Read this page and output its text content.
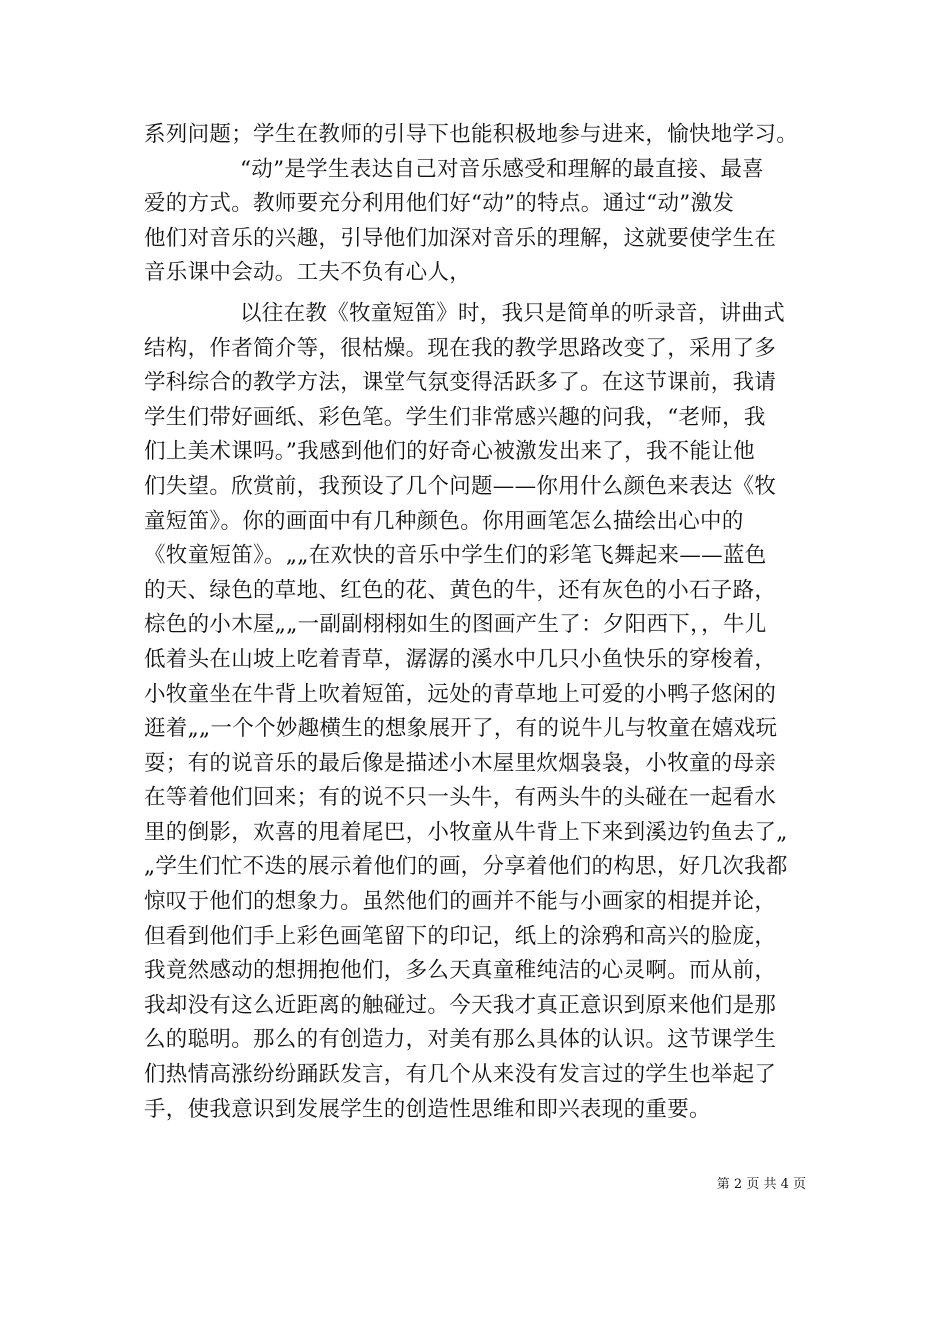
系列问题；学生在教师的引导下也能积极地参与进来，愉快地学习。
“动”是学生表达自己对音乐感受和理解的最直接、最喜
爱的方式。教师要充分利用他们好“动”的特点。通过“动”激发
他们对音乐的兴趣，引导他们加深对音乐的理解，这就要使学生在
音乐课中会动。工夫不负有心人，
以往在教《牧童短笛》时，我只是简单的听录音，讲曲式
结构，作者简介等，很枯燥。现在我的教学思路改变了，采用了多
学科综合的教学方法，课堂气氛变得活跃多了。在这节课前，我请
学生们带好画纸、彩色笔。学生们非常感兴趣的问我，“老师，我
们上美术课吗。”我感到他们的好奇心被激发出来了，我不能让他
们失望。欣赏前，我预设了几个问题——你用什么颜色来表达《牧
童短笛》。你的画面中有几种颜色。你用画笔怎么描绘出心中的
《牧童短笛》。„„在欢快的音乐中学生们的彩笔飞舞起来——蓝色
的天、绿色的草地、红色的花、黄色的牛，还有灰色的小石子路，
棕色的小木屋„„一副副栩栩如生的图画产生了：夕阳西下，，牛儿
低着头在山坡上吃着青草，潺潺的溪水中几只小鱼快乐的穿梭着，
小牧童坐在牛背上吹着短笛，远处的青草地上可爱的小鸭子悠闲的
逛着„„一个个妙趣横生的想象展开了，有的说牛儿与牧童在嬉戏玩
耍；有的说音乐的最后像是描述小木屋里炊烟袅袅，小牧童的母亲
在等着他们回来；有的说不只一头牛，有两头牛的头碰在一起看水
里的倒影，欢喜的甩着尾巴，小牧童从牛背上下来到溪边钓鱼去了„
„学生们忙不迭的展示着他们的画，分享着他们的构思，好几次我都
惊叹于他们的想象力。虽然他们的画并不能与小画家的相提并论，
但看到他们手上彩色画笔留下的印记，纸上的涂鸦和高兴的脸庞，
我竟然感动的想拥抱他们，多么天真童稚纯洁的心灵啊。而从前，
我却没有这么近距离的触碰过。今天我才真正意识到原来他们是那
么的聪明。那么的有创造力，对美有那么具体的认识。这节课学生
们热情高涨纷纷踊跃发言，有几个从来没有发言过的学生也举起了
手，使我意识到发展学生的创造性思维和即兴表现的重要。
第 2 页 共 4 页
